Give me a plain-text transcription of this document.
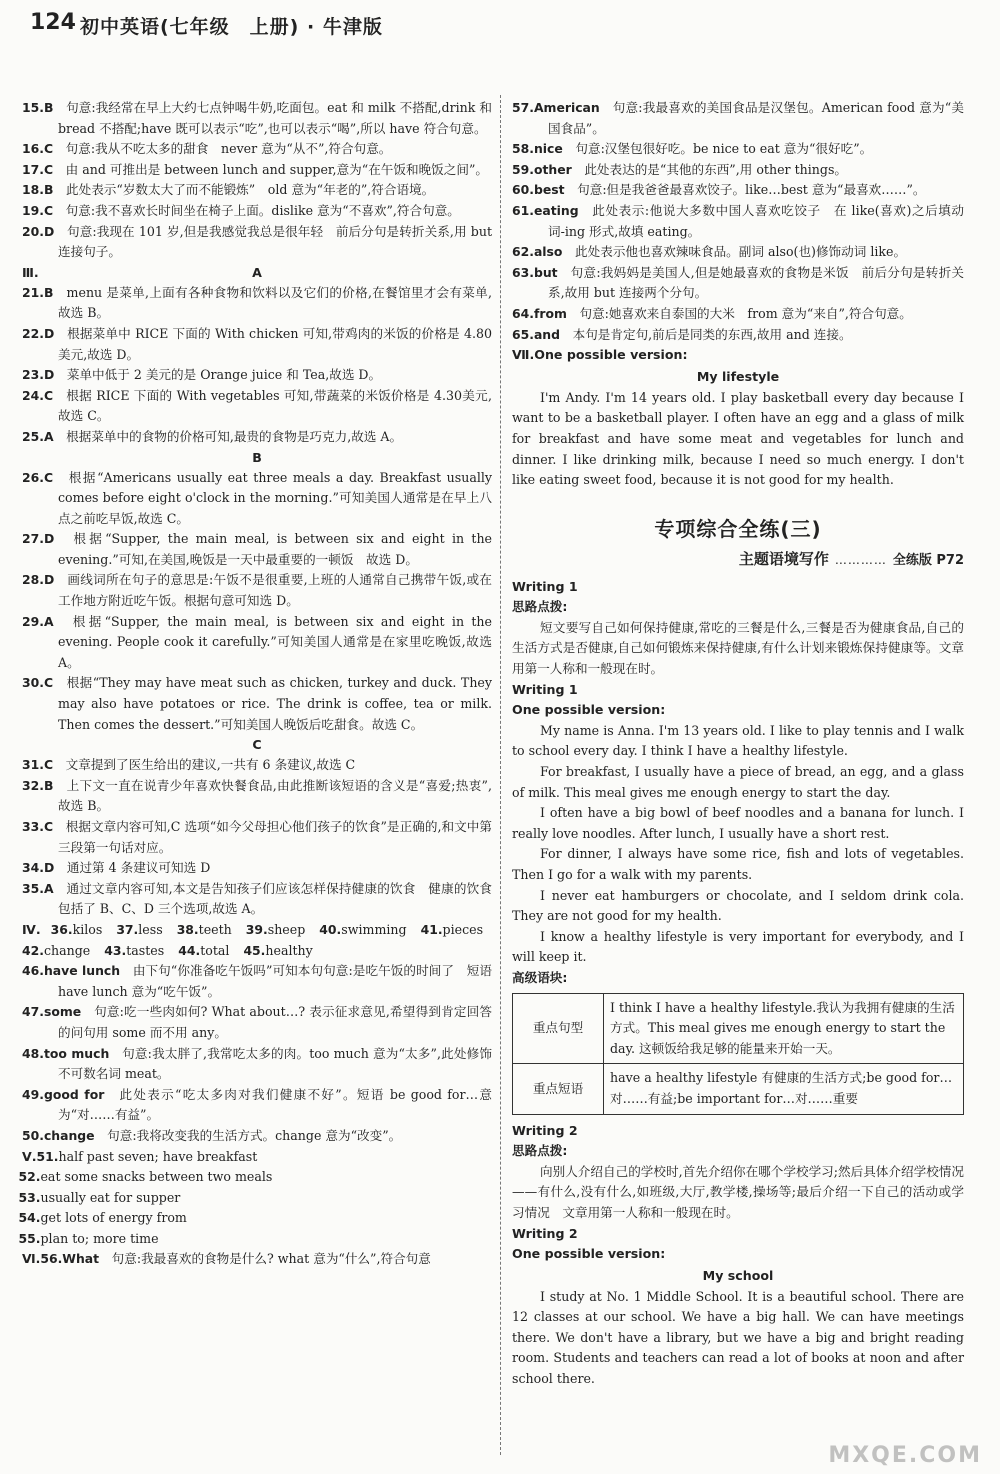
124 初中英语(七年级　上册) · 牛津版
15.B　 句意:我经常在早上大约七点钟喝牛奶,吃面包。eat 和 milk 不搭配,drink 和 bread 不搭配;have 既可以表示“吃”,也可以表示“喝”,所以 have 符合句意。
16.C　 句意:我从不吃太多的甜食　never 意为“从不”,符合句意。
17.C　 由 and 可推出是 between lunch and supper,意为“在午饭和晚饭之间”。
18.B　 此处表示“岁数太大了而不能锻炼”　old 意为“年老的”,符合语境。
19.C　 句意:我不喜欢长时间坐在椅子上面。dislike 意为“不喜欢”,符合句意。
20.D　 句意:我现在 101 岁,但是我感觉我总是很年轻　前后分句是转折关系,用 but 连接句子。
Ⅲ.	A
21.B　 menu 是菜单,上面有各种食物和饮料以及它们的价格,在餐馆里才会有菜单,故选 B。
22.D　 根据菜单中 RICE 下面的 With chicken 可知,带鸡肉的米饭的价格是 4.80 美元,故选 D。
23.D　 菜单中低于 2 美元的是 Orange juice 和 Tea,故选 D。
24.C　 根据 RICE 下面的 With vegetables 可知,带蔬菜的米饭价格是 4.30美元,故选 C。
25.A　 根据菜单中的食物的价格可知,最贵的食物是巧克力,故选 A。
B
26.C　 根据“Americans usually eat three meals a day. Breakfast usually comes before eight o'clock in the morning.”可知美国人通常是在早上八点之前吃早饭,故选 C。
27.D　 根据“Supper, the main meal, is between six and eight in the evening.”可知,在美国,晚饭是一天中最重要的一顿饭　故选 D。
28.D　 画线词所在句子的意思是:午饭不是很重要,上班的人通常自己携带午饭,或在工作地方附近吃午饭。根据句意可知选 D。
29.A　 根据“Supper, the main meal, is between six and eight in the evening. People cook it carefully.”可知美国人通常是在家里吃晚饭,故选 A。
30.C　 根据“They may have meat such as chicken, turkey and duck. They may also have potatoes or rice. The drink is coffee, tea or milk. Then comes the dessert.”可知美国人晚饭后吃甜食。故选 C。
C
31.C　 文章提到了医生给出的建议,一共有 6 条建议,故选 C
32.B　 上下文一直在说青少年喜欢快餐食品,由此推断该短语的含义是“喜爱;热衷”,故选 B。
33.C　 根据文章内容可知,C 选项“如今父母担心他们孩子的饮食”是正确的,和文中第三段第一句话对应。
34.D　 通过第 4 条建议可知选 D
35.A　 通过文章内容可知,本文是告知孩子们应该怎样保持健康的饮食　健康的饮食包括了 B、C、D 三个选项,故选 A。
Ⅳ. 36.kilos 37.less 38.teeth 39.sheep 40.swimming 41.pieces
42.change 43.tastes 44.total 45.healthy
46.have lunch　 由下句“你准备吃午饭吗”可知本句句意:是吃午饭的时间了　短语 have lunch 意为“吃午饭”。
47.some　 句意:吃一些肉如何? What about…? 表示征求意见,希望得到肯定回答的问句用 some 而不用 any。
48.too much　 句意:我太胖了,我常吃太多的肉。too much 意为“太多”,此处修饰不可数名词 meat。
49.good for　 此处表示“吃太多肉对我们健康不好”。短语 be good for…意为“对……有益”。
50.change　 句意:我将改变我的生活方式。change 意为“改变”。
Ⅴ. 51.half past seven; have breakfast
52.eat some snacks between two meals
53.usually eat for supper
54.get lots of energy from
55.plan to; more time
Ⅵ.56.What　 句意:我最喜欢的食物是什么? what 意为“什么”,符合句意
57.American　 句意:我最喜欢的美国食品是汉堡包。American food 意为“美国食品”。
58.nice　 句意:汉堡包很好吃。be nice to eat 意为“很好吃”。
59.other　 此处表达的是“其他的东西”,用 other things。
60.best　 句意:但是我爸爸最喜欢饺子。like…best 意为“最喜欢……”。
61.eating　 此处表示:他说大多数中国人喜欢吃饺子　在 like(喜欢)之后填动词-ing 形式,故填 eating。
62.also　 此处表示他也喜欢辣味食品。副词 also(也)修饰动词 like。
63.but　 句意:我妈妈是美国人,但是她最喜欢的食物是米饭　前后分句是转折关系,故用 but 连接两个分句。
64.from　 句意:她喜欢来自泰国的大米　from 意为“来自”,符合句意。
65.and　 本句是肯定句,前后是同类的东西,故用 and 连接。
Ⅶ.One possible version:
My lifestyle

I'm Andy. I'm 14 years old. I play basketball every day because I want to be a basketball player. I often have an egg and a glass of milk for breakfast and have some meat and vegetables for lunch and dinner. I like drinking milk, because I need so much energy. I don't like eating sweet food, because it is not good for my health.

专项综合全练(三)
主题语境写作 ………… 全练版 P72
Writing 1
思路点拨:

短文要写自己如何保持健康,常吃的三餐是什么,三餐是否为健康食品,自己的生活方式是否健康,自己如何锻炼来保持健康,有什么计划来锻炼保持健康等。文章用第一人称和一般现在时。

Writing 1
One possible version:

My name is Anna. I'm 13 years old. I like to play tennis and I walk to school every day. I think I have a healthy lifestyle.

For breakfast, I usually have a piece of bread, an egg, and a glass of milk. This meal gives me enough energy to start the day.

I often have a big bowl of beef noodles and a banana for lunch. I really love noodles. After lunch, I usually have a short rest.

For dinner, I always have some rice, fish and lots of vegetables. Then I go for a walk with my parents.

I never eat hamburgers or chocolate, and I seldom drink cola. They are not good for my health.

I know a healthy lifestyle is very important for everybody, and I will keep it.

高级语块:
重点句型	I think I have a healthy lifestyle.我认为我拥有健康的生活方式。This meal gives me enough energy to start the day. 这顿饭给我足够的能量来开始一天。
重点短语	have a healthy lifestyle 有健康的生活方式;be good for…对……有益;be important for…对……重要
Writing 2
思路点拨:

向别人介绍自己的学校时,首先介绍你在哪个学校学习;然后具体介绍学校情况——有什么,没有什么,如班级,大厅,教学楼,操场等;最后介绍一下自己的活动或学习情况　文章用第一人称和一般现在时。

Writing 2
One possible version:
My school

I study at No. 1 Middle School. It is a beautiful school. There are 12 classes at our school. We have a big hall. We can have meetings there. We don't have a library, but we have a big and bright reading room. Students and teachers can read a lot of books at noon and after school there.

MXQE.COM
